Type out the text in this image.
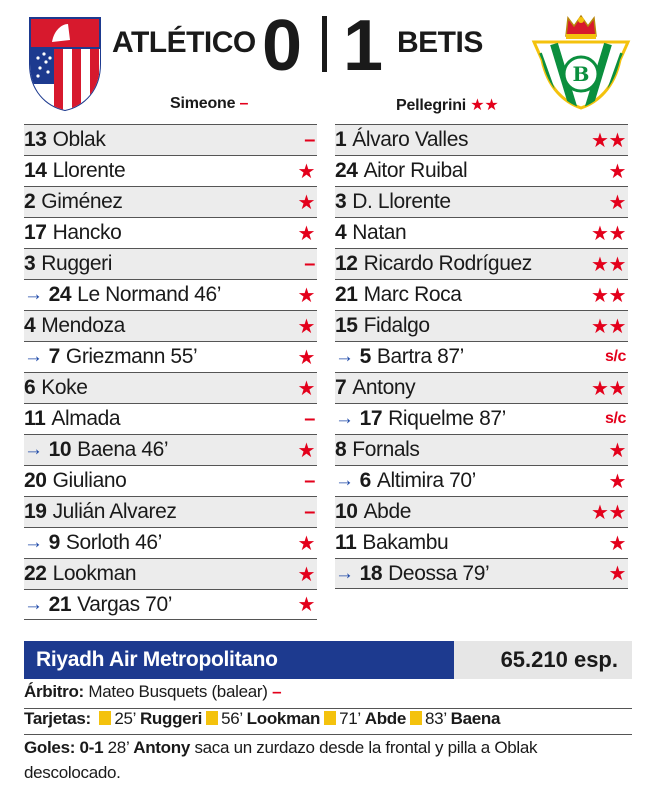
ATLÉTICO 0 1 BETIS
B
Simeone –	Pellegrini ★★
13 Oblak	–
14 Llorente	★
2 Giménez	★
17 Hancko	★
3 Ruggeri	–
→ 24 Le Normand 46’	★
4 Mendoza	★
→ 7 Griezmann 55’	★
6 Koke	★
11 Almada	–
→ 10 Baena 46’	★
20 Giuliano	–
19 Julián Alvarez	–
→ 9 Sorloth 46’	★
22 Lookman	★
→ 21 Vargas 70’	★
1 Álvaro Valles	★★
24 Aitor Ruibal	★
3 D. Llorente	★
4 Natan	★★
12 Ricardo Rodríguez	★★
21 Marc Roca	★★
15 Fidalgo	★★
→ 5 Bartra 87’	s/c
7 Antony	★★
→ 17 Riquelme 87’	s/c
8 Fornals	★
→ 6 Altimira 70’	★
10 Abde	★★
11 Bakambu	★
→ 18 Deossa 79’	★
Riyadh Air Metropolitano	65.210 esp.
Árbitro: Mateo Busquets (balear) –
Tarjetas: 25’ Ruggeri 56’ Lookman 71’ Abde 83’ Baena
Goles: 0-1 28’ Antony saca un zurdazo desde la frontal y pilla a Oblak descolocado.
